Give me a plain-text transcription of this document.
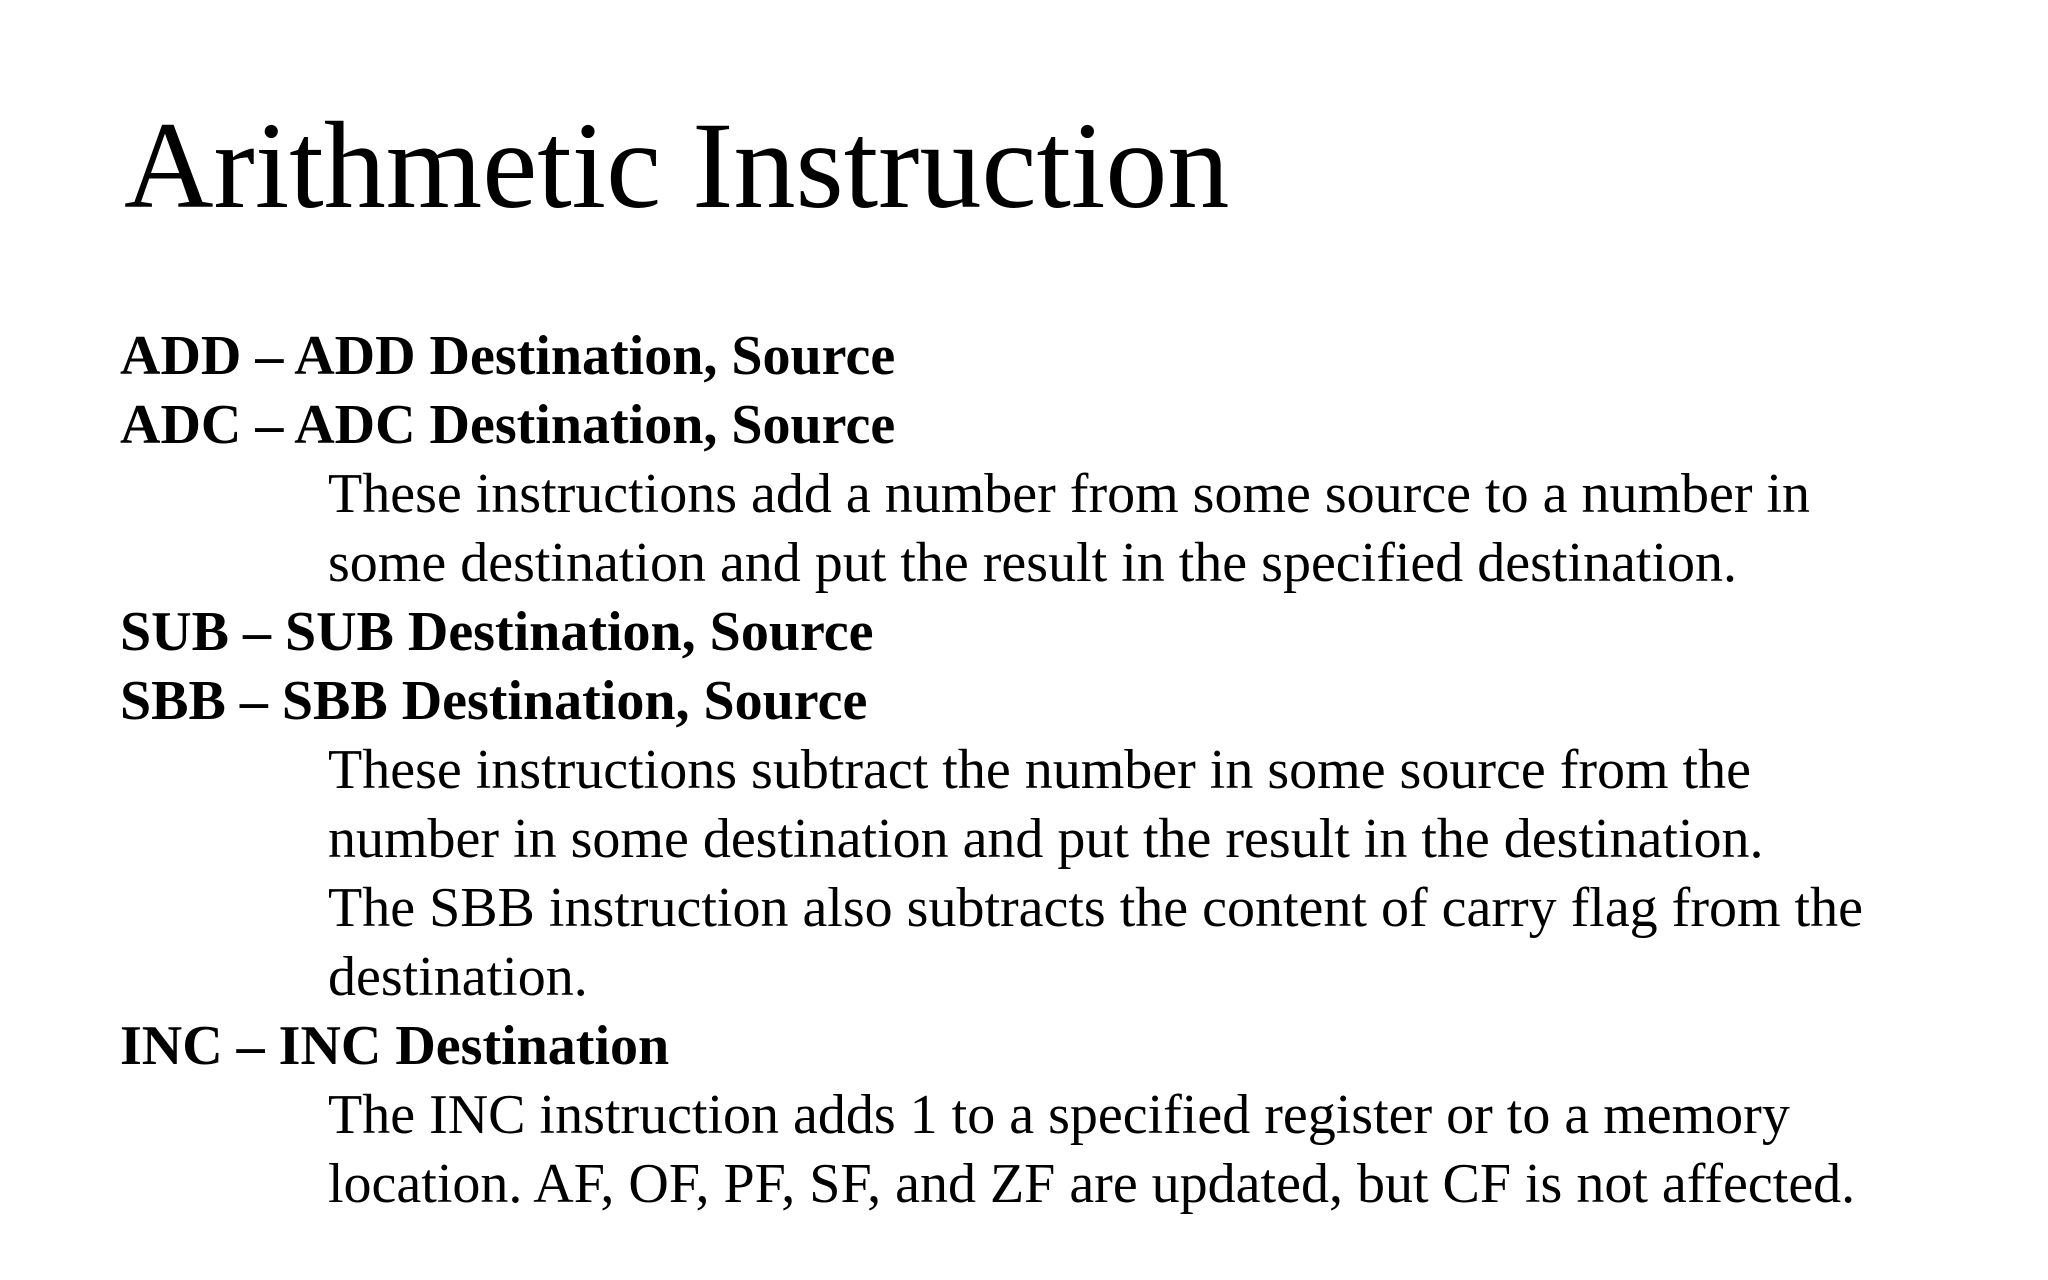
Arithmetic Instruction
ADD – ADD Destination, Source
ADC – ADC Destination, Source
These instructions add a number from some source to a number in
some destination and put the result in the specified destination.
SUB – SUB Destination, Source
SBB – SBB Destination, Source
These instructions subtract the number in some source from the
number in some destination and put the result in the destination.
The SBB instruction also subtracts the content of carry flag from the
destination.
INC – INC Destination
The INC instruction adds 1 to a specified register or to a memory
location. AF, OF, PF, SF, and ZF are updated, but CF is not affected.
